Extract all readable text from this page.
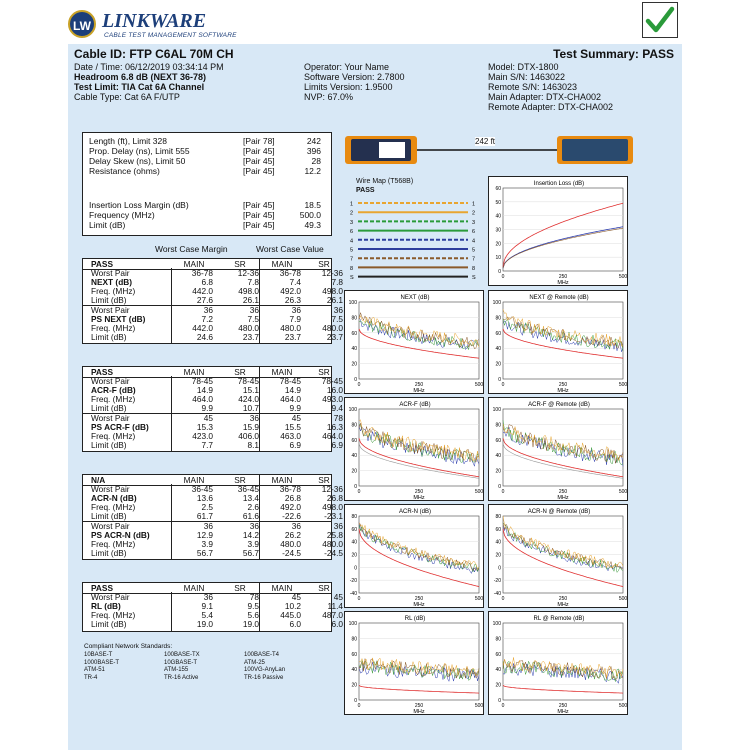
LW LINKWARE
CABLE TEST MANAGEMENT SOFTWARE
Cable ID: FTP C6AL 70M CH	Test Summary: PASS
Date / Time: 06/12/2019 03:34:14 PM
Headroom 6.8 dB (NEXT 36-78)
Test Limit: TIA Cat 6A Channel
Cable Type: Cat 6A F/UTP
Operator: Your Name
Software Version: 2.7800
Limits Version: 1.9500
NVP: 67.0%
Model: DTX-1800
Main S/N: 1463022
Remote S/N: 1463023
Main Adapter: DTX-CHA002
Remote Adapter: DTX-CHA002
Length (ft), Limit 328	[Pair 78]	242
Prop. Delay (ns), Limit 555	[Pair 45]	396
Delay Skew (ns), Limit 50	[Pair 45]	28
Resistance (ohms)	[Pair 45]	12.2
Insertion Loss Margin (dB)	[Pair 45]	18.5
Frequency (MHz)	[Pair 45]	500.0
Limit (dB)	[Pair 45]	49.3
Worst Case Margin	Worst Case Value
PASS	MAIN	SR	MAIN	SR
Worst Pair	36-78	12-36	36-78	12-36
NEXT (dB)	6.8	7.8	7.4	7.8
Freq. (MHz)	442.0	498.0	492.0	498.0
Limit (dB)	27.6	26.1	26.3	26.1
Worst Pair	36	36	36	36
PS NEXT (dB)	7.2	7.5	7.9	7.5
Freq. (MHz)	442.0	480.0	480.0	480.0
Limit (dB)	24.6	23.7	23.7	23.7
PASS	MAIN	SR	MAIN	SR
Worst Pair	78-45	78-45	78-45	78-45
ACR-F (dB)	14.9	15.1	14.9	16.0
Freq. (MHz)	464.0	424.0	464.0	493.0
Limit (dB)	9.9	10.7	9.9	9.4
Worst Pair	45	36	45	78
PS ACR-F (dB)	15.3	15.9	15.5	16.3
Freq. (MHz)	423.0	406.0	463.0	464.0
Limit (dB)	7.7	8.1	6.9	6.9
N/A	MAIN	SR	MAIN	SR
Worst Pair	36-45	36-45	36-78	12-36
ACR-N (dB)	13.6	13.4	26.8	26.8
Freq. (MHz)	2.5	2.6	492.0	498.0
Limit (dB)	61.7	61.6	-22.6	-23.1
Worst Pair	36	36	36	36
PS ACR-N (dB)	12.9	14.2	26.2	25.8
Freq. (MHz)	3.9	3.9	480.0	480.0
Limit (dB)	56.7	56.7	-24.5	-24.5
PASS	MAIN	SR	MAIN	SR
Worst Pair	36	78	45	45
RL (dB)	9.1	9.5	10.2	11.4
Freq. (MHz)	5.4	5.6	445.0	487.0
Limit (dB)	19.0	19.0	6.0	6.0
Compliant Network Standards:
10BASE-T	100BASE-TX	100BASE-T4
1000BASE-T	10GBASE-T	ATM-25
ATM-51	ATM-155	100VG-AnyLan
TR-4	TR-16 Active	TR-16 Passive
242 ft
Wire Map (T568B)
PASS
1	1
2	2
3	3
6	6
4	4
5	5
7	7
8	8
S	S
Insertion Loss (dB)
0
10
20
30
40
50
60
0	250	500
MHz
NEXT (dB)
0
20
40
60
80
100
0	250	500
MHz
NEXT @ Remote (dB)
0
20
40
60
80
100
0	250	500
MHz
ACR-F (dB)
0
20
40
60
80
100
0	250	500
MHz
ACR-F @ Remote (dB)
0
20
40
60
80
100
0	250	500
MHz
ACR-N (dB)
-40
-20
0
20
40
60
80
0	250	500
MHz
ACR-N @ Remote (dB)
-40
-20
0
20
40
60
80
0	250	500
MHz
RL (dB)
0
20
40
60
80
100
0	250	500
MHz
RL @ Remote (dB)
0
20
40
60
80
100
0	250	500
MHz
